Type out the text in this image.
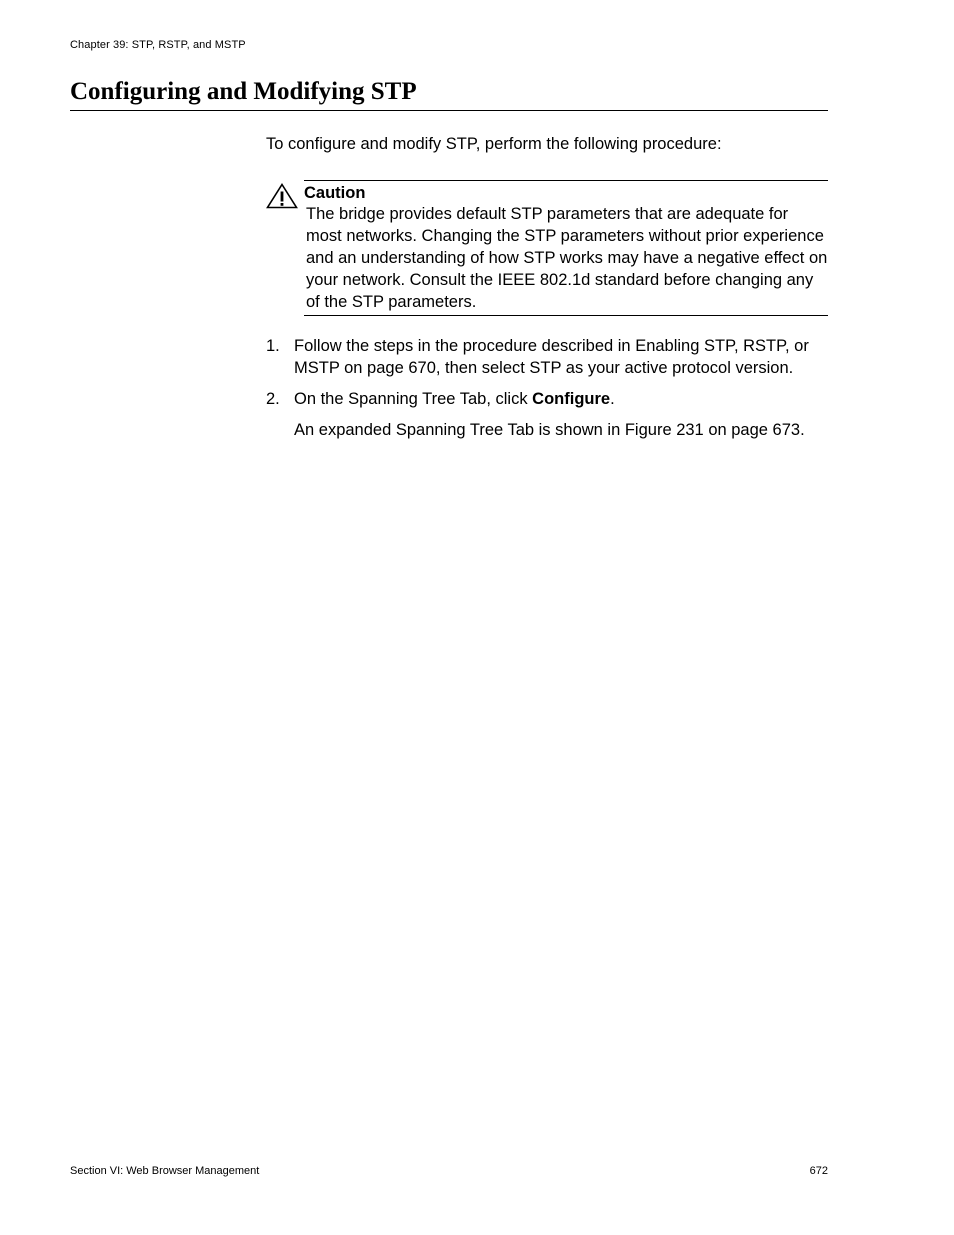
Chapter 39: STP, RSTP, and MSTP
Configuring and Modifying STP
To configure and modify STP, perform the following procedure:
Caution
The bridge provides default STP parameters that are adequate for most networks. Changing the STP parameters without prior experience and an understanding of how STP works may have a negative effect on your network. Consult the IEEE 802.1d standard before changing any of the STP parameters.
1. Follow the steps in the procedure described in Enabling STP, RSTP, or MSTP on page 670, then select STP as your active protocol version.
2. On the Spanning Tree Tab, click Configure.
An expanded Spanning Tree Tab is shown in Figure 231 on page 673.
Section VI: Web Browser Management	672
